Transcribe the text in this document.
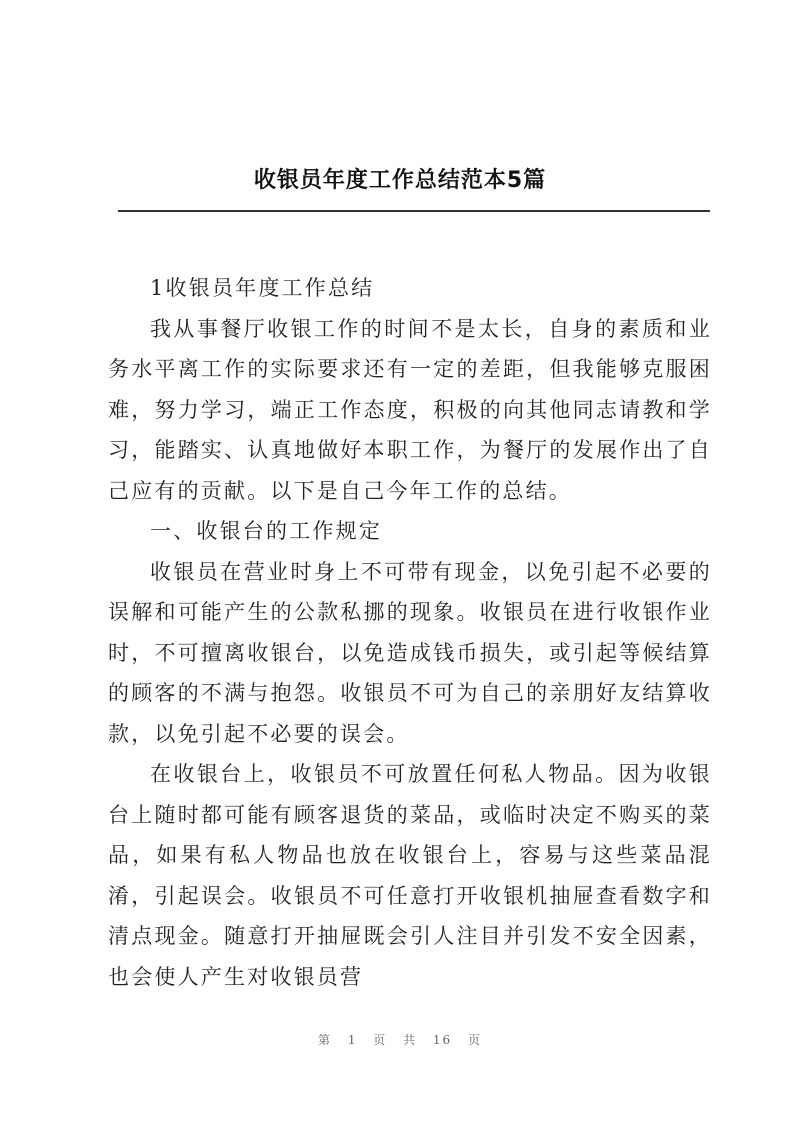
收银员年度工作总结范本5篇

1收银员年度工作总结

我从事餐厅收银工作的时间不是太长，自身的素质和业务水平离工作的实际要求还有一定的差距，但我能够克服困难，努力学习，端正工作态度，积极的向其他同志请教和学习，能踏实、认真地做好本职工作，为餐厅的发展作出了自己应有的贡献。以下是自己今年工作的总结。

一、收银台的工作规定

收银员在营业时身上不可带有现金，以免引起不必要的误解和可能产生的公款私挪的现象。收银员在进行收银作业时，不可擅离收银台，以免造成钱币损失，或引起等候结算的顾客的不满与抱怨。收银员不可为自己的亲朋好友结算收款，以免引起不必要的误会。

在收银台上，收银员不可放置任何私人物品。因为收银台上随时都可能有顾客退货的菜品，或临时决定不购买的菜品，如果有私人物品也放在收银台上，容易与这些菜品混淆，引起误会。收银员不可任意打开收银机抽屉查看数字和清点现金。随意打开抽屉既会引人注目并引发不安全因素，也会使人产生对收银员营

第 1 页 共 16 页
